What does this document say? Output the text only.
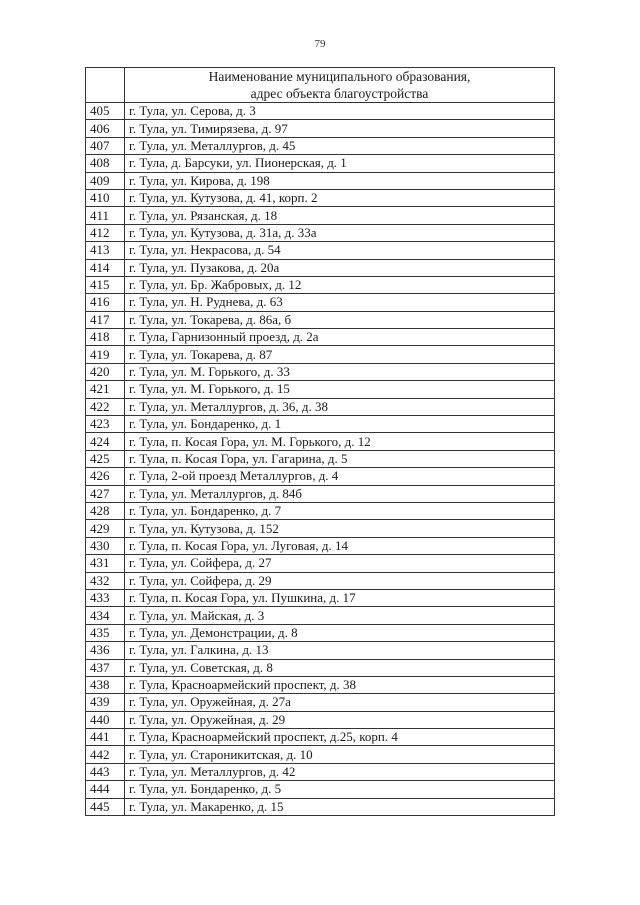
79

	Наименование муниципального образования,
адрес объекта благоустройства

405	г. Тула, ул. Серова, д. 3
406	г. Тула, ул. Тимирязева, д. 97
407	г. Тула, ул. Металлургов, д. 45
408	г. Тула, д. Барсуки, ул. Пионерская, д. 1
409	г. Тула, ул. Кирова, д. 198
410	г. Тула, ул. Кутузова, д. 41, корп. 2
411	г. Тула, ул. Рязанская, д. 18
412	г. Тула, ул. Кутузова, д. 31а, д. 33а
413	г. Тула, ул. Некрасова, д. 54
414	г. Тула, ул. Пузакова, д. 20а
415	г. Тула, ул. Бр. Жабровых, д. 12
416	г. Тула, ул. Н. Руднева, д. 63
417	г. Тула, ул. Токарева, д. 86а, б
418	г. Тула, Гарнизонный проезд, д. 2а
419	г. Тула, ул. Токарева, д. 87
420	г. Тула, ул. М. Горького, д. 33
421	г. Тула, ул. М. Горького, д. 15
422	г. Тула, ул. Металлургов, д. 36, д. 38
423	г. Тула, ул. Бондаренко, д. 1
424	г. Тула, п. Косая Гора, ул. М. Горького, д. 12
425	г. Тула, п. Косая Гора, ул. Гагарина, д. 5
426	г. Тула, 2-ой проезд Металлургов, д. 4
427	г. Тула, ул. Металлургов, д. 84б
428	г. Тула, ул. Бондаренко, д. 7
429	г. Тула, ул. Кутузова, д. 152
430	г. Тула, п. Косая Гора, ул. Луговая, д. 14
431	г. Тула, ул. Сойфера, д. 27
432	г. Тула, ул. Сойфера, д. 29
433	г. Тула, п. Косая Гора, ул. Пушкина, д. 17
434	г. Тула, ул. Майская, д. 3
435	г. Тула, ул. Демонстрации, д. 8
436	г. Тула, ул. Галкина, д. 13
437	г. Тула, ул. Советская, д. 8
438	г. Тула, Красноармейский проспект, д. 38
439	г. Тула, ул. Оружейная, д. 27а
440	г. Тула, ул. Оружейная, д. 29
441	г. Тула, Красноармейский проспект, д.25, корп. 4
442	г. Тула, ул. Староникитская, д. 10
443	г. Тула, ул. Металлургов, д. 42
444	г. Тула, ул. Бондаренко, д. 5
445	г. Тула, ул. Макаренко, д. 15
